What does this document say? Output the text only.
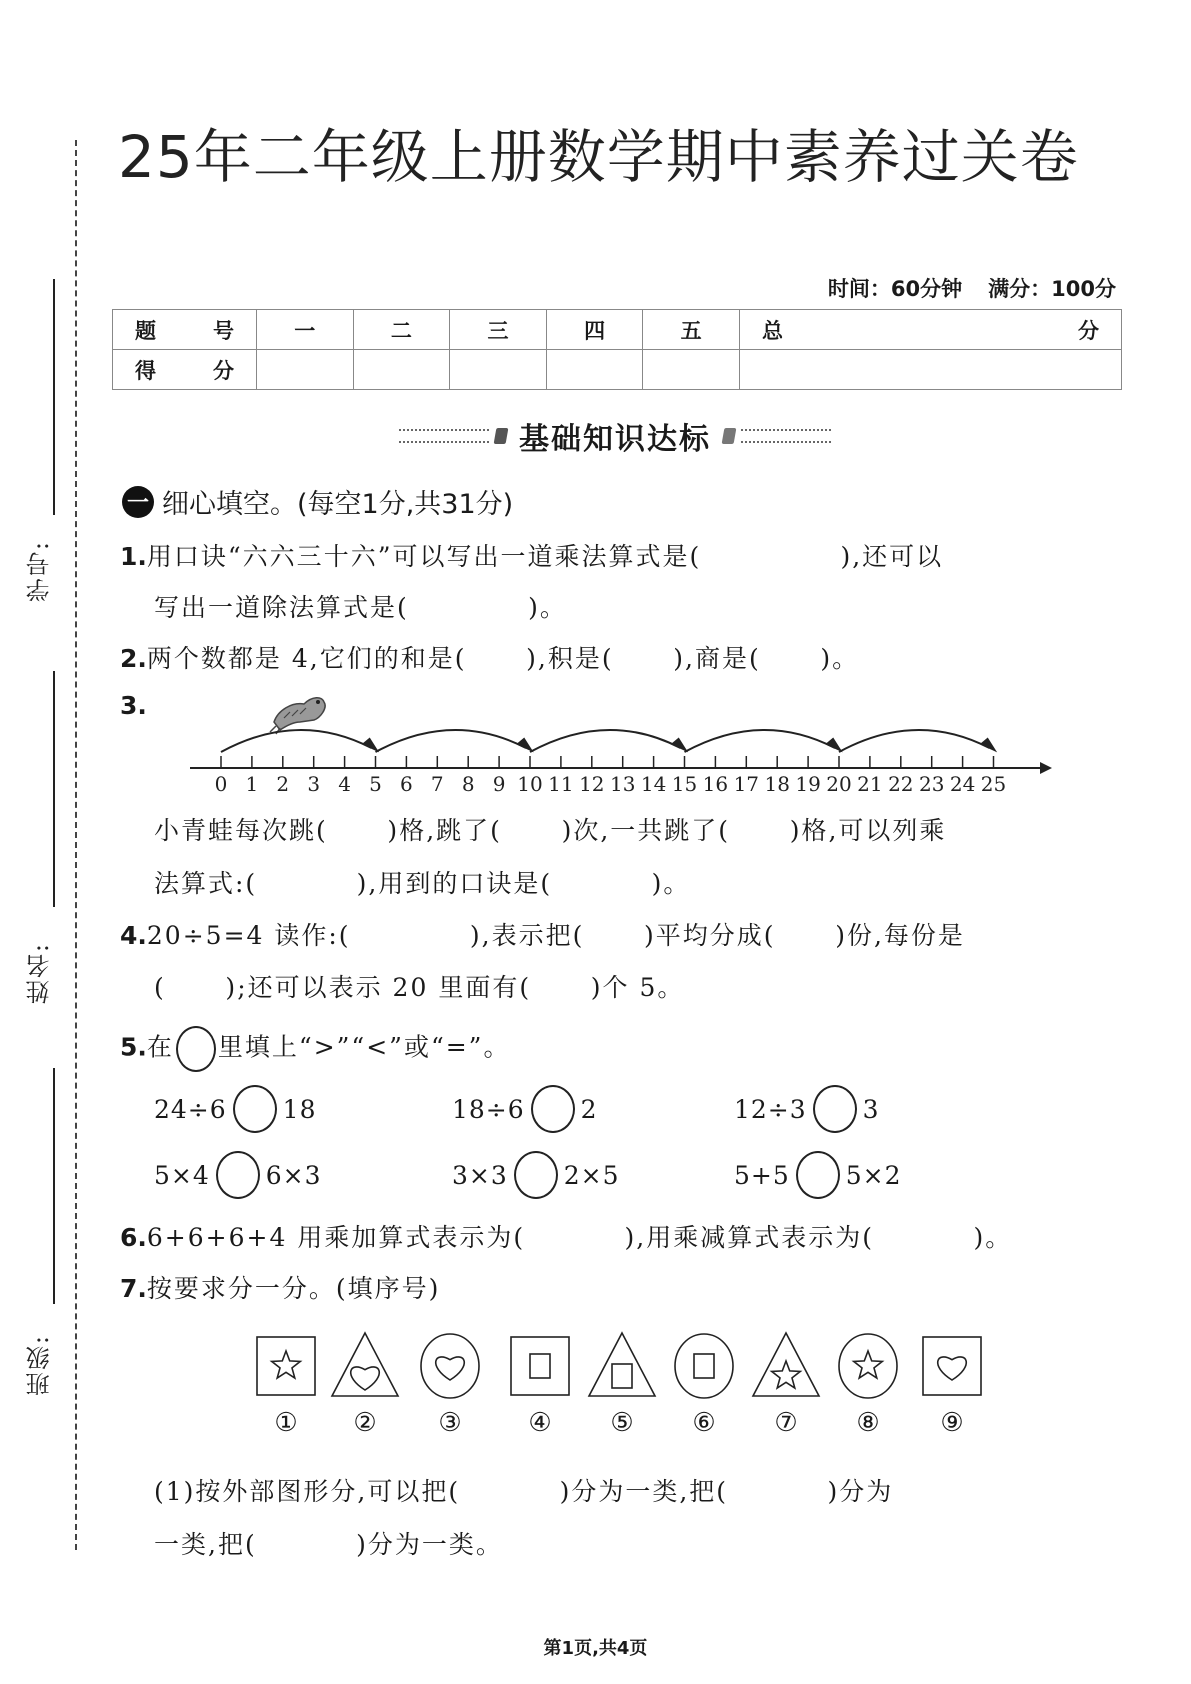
学号:
姓名:
班级:
25年二年级上册数学期中素养过关卷
时间：60分钟 满分：100分
题 号	一	二	三	四	五	总 分

得 分						

基础知识达标
一 细心填空。(每空1分,共31分)
1.用口诀“六六三十六”可以写出一道乘法算式是(              ),还可以
写出一道除法算式是(            )。
2.两个数都是 4,它们的和是(      ),积是(      ),商是(      )。
3.
0 1 2 3 4 5 6 7 8 9 10 11 12 13 14 15 16 17 18 19 20 21 22 23 24 25
小青蛙每次跳(      )格,跳了(      )次,一共跳了(      )格,可以列乘
法算式:(          ),用到的口诀是(          )。
4.20÷5=4 读作:(            ),表示把(      )平均分成(      )份,每份是
(      );还可以表示 20 里面有(      )个 5。
5.在 里填上“>”“<”或“=”。
24÷6 18	18÷6 2	12÷3 3
5×4 6×3	3×3 2×5	5+5 5×2
6.6+6+6+4 用乘加算式表示为(          ),用乘减算式表示为(          )。
7.按要求分一分。(填序号)
①	②	③	④	⑤	⑥	⑦	⑧	⑨
(1)按外部图形分,可以把(          )分为一类,把(          )分为
一类,把(          )分为一类。
第1页,共4页
